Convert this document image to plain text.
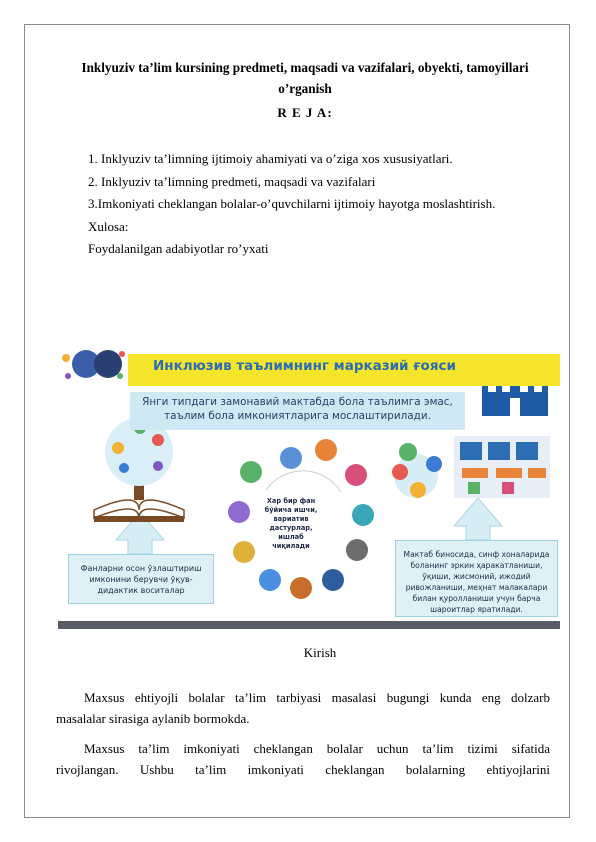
Inklyuziv ta’lim kursining predmeti, maqsadi va vazifalari, obyekti, tamoyillari o’rganish
R E J A:
1. Inklyuziv ta’limning ijtimoiy ahamiyati va o’ziga xos xususiyatlari.
2. Inklyuziv ta’limning predmeti, maqsadi va vazifalari
3.Imkoniyati cheklangan bolalar-o’quvchilarni ijtimoiy hayotga moslashtirish.
Xulosa:
Foydalanilgan adabiyotlar ro’yxati
Инклюзив таълимнинг марказий ғояси
Янги типдаги замонавий мактабда бола таълимга эмас,
таълим бола имкониятларига мослаштирилади.
Хар бир фан
бўйича ишчи,
вариатив
дастурлар,
ишлаб
чиқилади
Фанларни осон ўзлаштириш
имконини берувчи ўқув-
дидактик воситалар
Мактаб биносида, синф хоналарида
боланинг эркин ҳаракатланиши,
ўқиши, жисмоний, ижодий
ривожланиши, меҳнат малакалари
билан қуролланиши учун барча
шароитлар яратилади.
Kirish
Maxsus ehtiyojli bolalar ta’lim tarbiyasi masalasi bugungi kunda eng dolzarb
masalalar sirasiga aylanib bormokda.
Maxsus ta’lim imkoniyati cheklangan bolalar uchun ta’lim tizimi sifatida
rivojlangan. Ushbu ta’lim imkoniyati cheklangan bolalarning ehtiyojlarini
